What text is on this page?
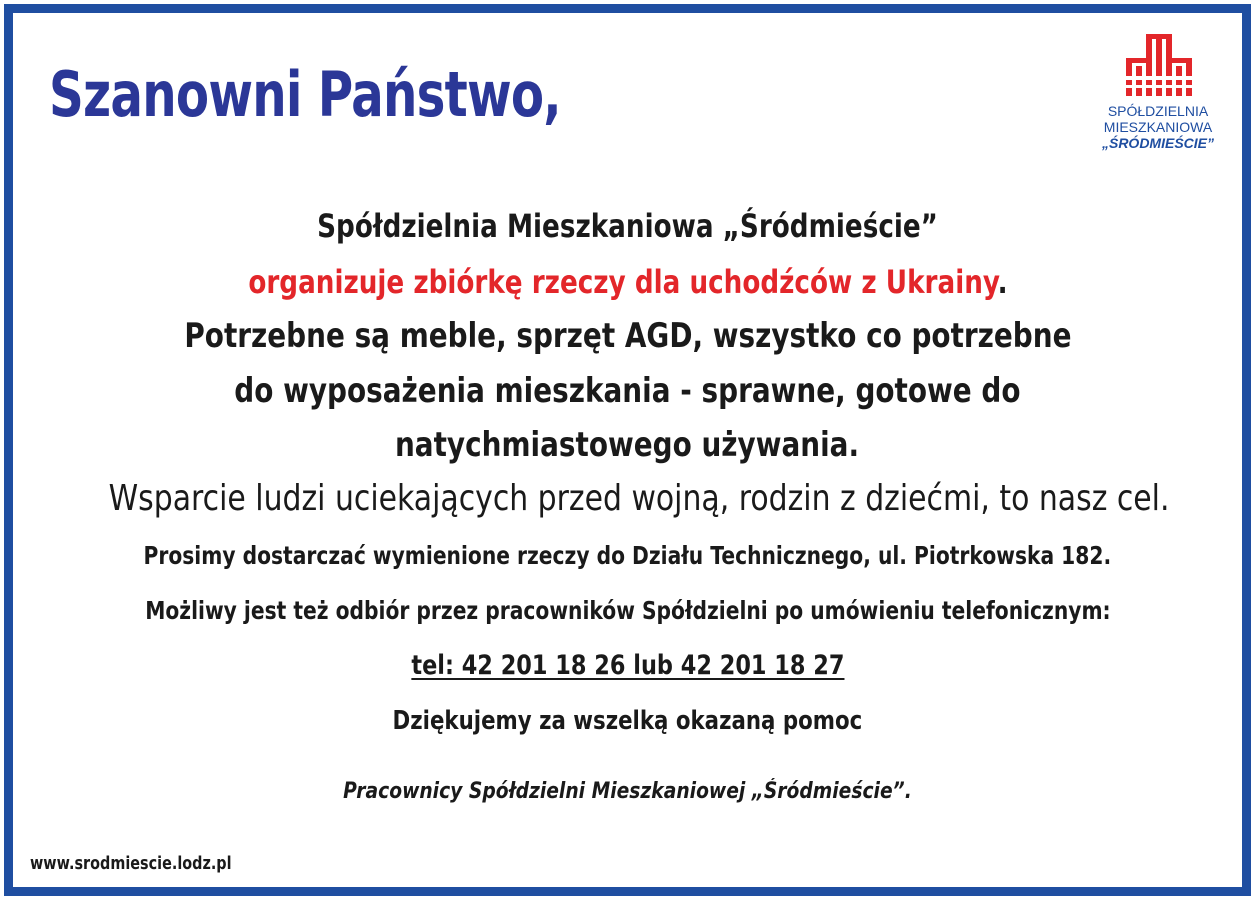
Szanowni Państwo,	SPÓŁDZIELNIA
MIESZKANIOWA
„ŚRÓDMIEŚCIE”
Spółdzielnia Mieszkaniowa „Śródmieście”
organizuje zbiórkę rzeczy dla uchodźców z Ukrainy.
Potrzebne są meble, sprzęt AGD, wszystko co potrzebne
do wyposażenia mieszkania - sprawne, gotowe do
natychmiastowego używania.
Wsparcie ludzi uciekających przed wojną, rodzin z dziećmi, to nasz cel.
Prosimy dostarczać wymienione rzeczy do Działu Technicznego, ul. Piotrkowska 182.
Możliwy jest też odbiór przez pracowników Spółdzielni po umówieniu telefonicznym:
tel: 42 201 18 26 lub 42 201 18 27
Dziękujemy za wszelką okazaną pomoc
Pracownicy Spółdzielni Mieszkaniowej „Śródmieście”.
www.srodmiescie.lodz.pl
